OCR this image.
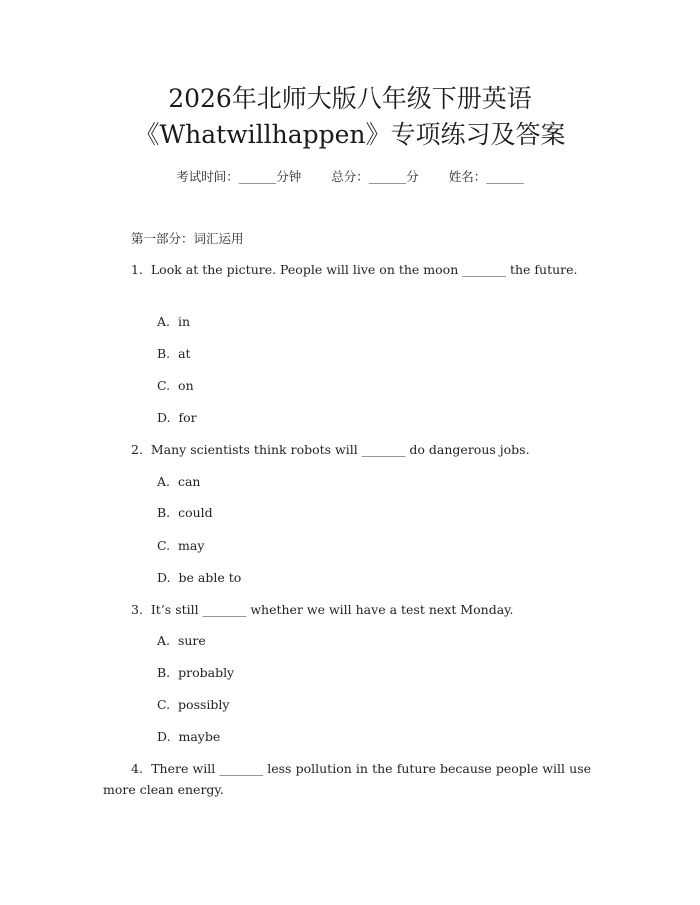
2026年北师大版八年级下册英语
《Whatwillhappen》专项练习及答案
考试时间：______分钟 总分：______分 姓名：______
第一部分：词汇运用
1.  Look at the picture. People will live on the moon _______ the future.
A.  in
B.  at
C.  on
D.  for
2.  Many scientists think robots will _______ do dangerous jobs.
A.  can
B.  could
C.  may
D.  be able to
3.  It’s still _______ whether we will have a test next Monday.
A.  sure
B.  probably
C.  possibly
D.  maybe
4.  There will _______ less pollution in the future because people will use more clean energy.
